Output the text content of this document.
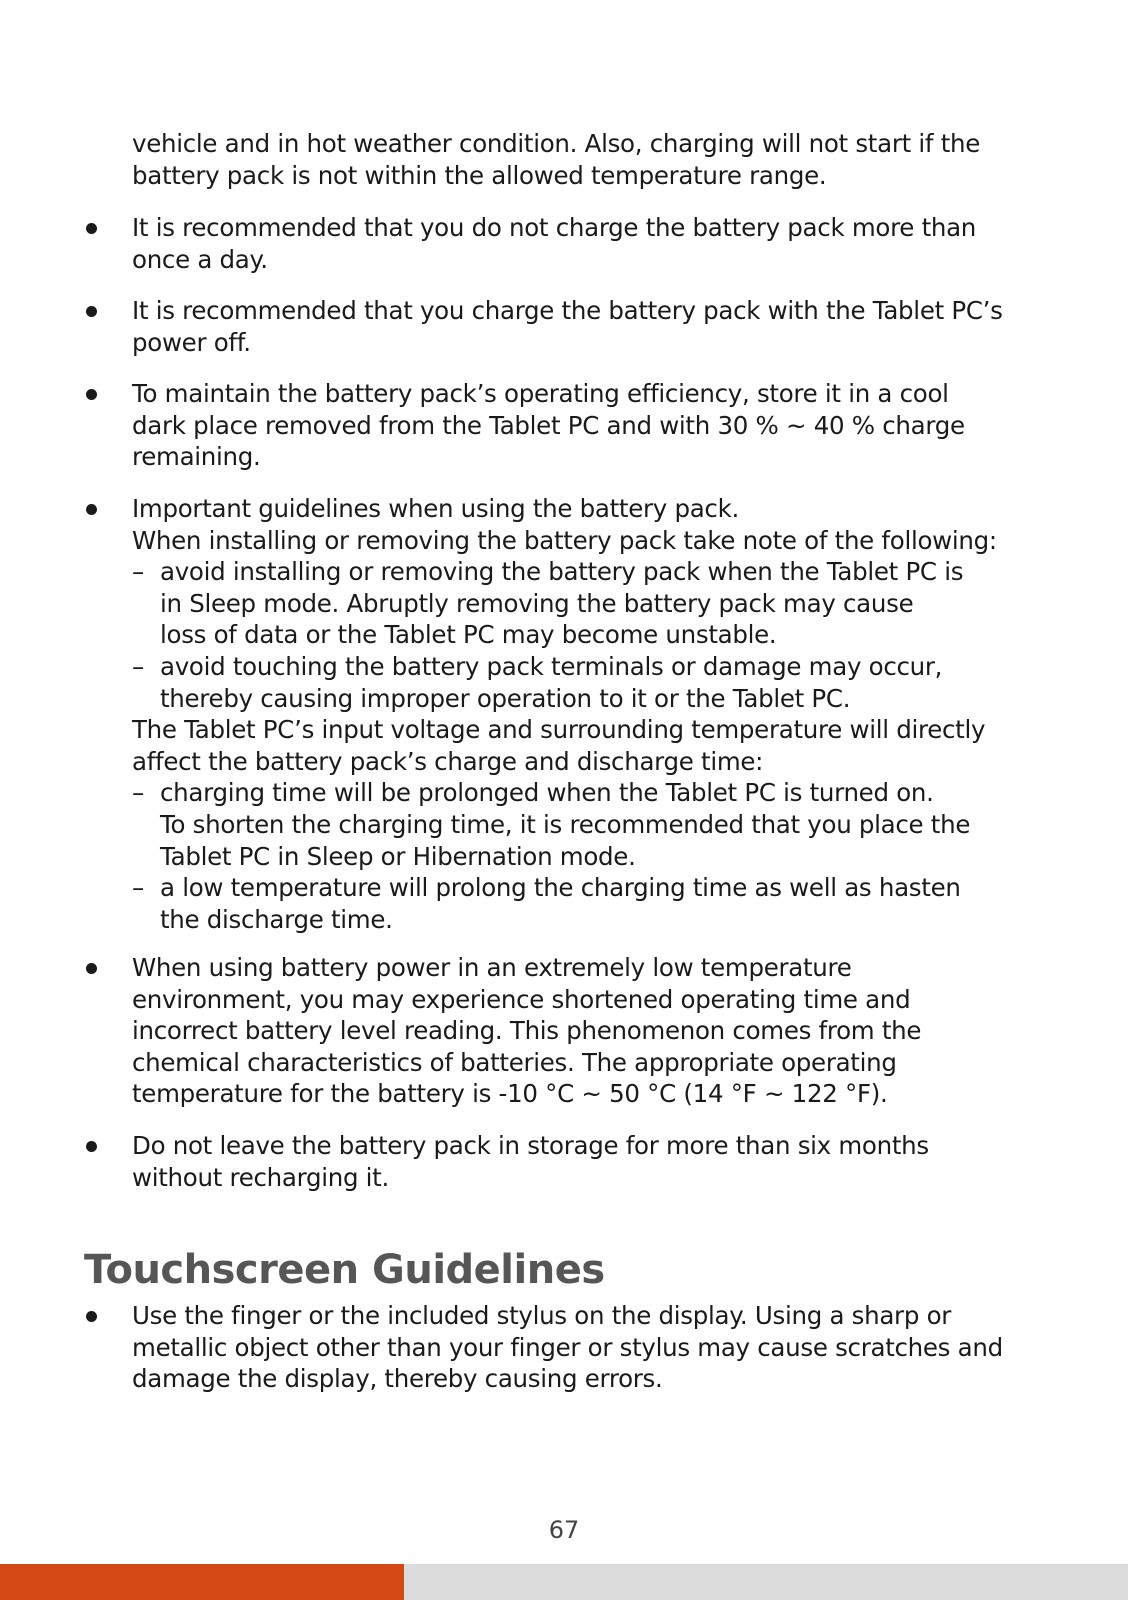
vehicle and in hot weather condition. Also, charging will not start if the
battery pack is not within the allowed temperature range.
It is recommended that you do not charge the battery pack more than
once a day.
It is recommended that you charge the battery pack with the Tablet PC’s
power off.
To maintain the battery pack’s operating efficiency, store it in a cool
dark place removed from the Tablet PC and with 30 % ~ 40 % charge
remaining.
Important guidelines when using the battery pack.
When installing or removing the battery pack take note of the following:
– avoid installing or removing the battery pack when the Tablet PC is
in Sleep mode. Abruptly removing the battery pack may cause
loss of data or the Tablet PC may become unstable.
– avoid touching the battery pack terminals or damage may occur,
thereby causing improper operation to it or the Tablet PC.
The Tablet PC’s input voltage and surrounding temperature will directly
affect the battery pack’s charge and discharge time:
– charging time will be prolonged when the Tablet PC is turned on.
To shorten the charging time, it is recommended that you place the
Tablet PC in Sleep or Hibernation mode.
– a low temperature will prolong the charging time as well as hasten
the discharge time.
When using battery power in an extremely low temperature
environment, you may experience shortened operating time and
incorrect battery level reading. This phenomenon comes from the
chemical characteristics of batteries. The appropriate operating
temperature for the battery is -10 °C ~ 50 °C (14 °F ~ 122 °F).
Do not leave the battery pack in storage for more than six months
without recharging it.
Touchscreen Guidelines
Use the finger or the included stylus on the display. Using a sharp or
metallic object other than your finger or stylus may cause scratches and
damage the display, thereby causing errors.
67
